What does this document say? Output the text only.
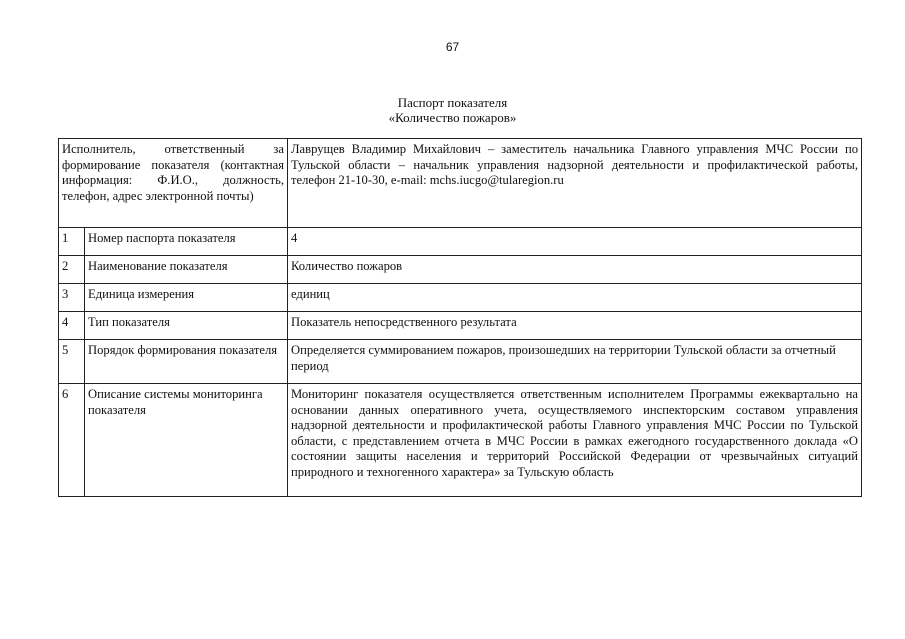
67
Паспорт показателя
«Количество пожаров»
Исполнитель, ответственный за формирование показателя (контактная информация: Ф.И.О., должность, телефон, адрес электронной почты)		Лаврущев Владимир Михайлович – заместитель начальника Главного управления МЧС России по Тульской области – начальник управления надзорной деятельности и профилактической работы, телефон 21-10-30, e-mail: mchs.iucgo@tularegion.ru
1	Номер паспорта показателя	4
2	Наименование показателя	Количество пожаров
3	Единица измерения	единиц
4	Тип показателя	Показатель непосредственного результата
5	Порядок формирования показателя	Определяется суммированием пожаров, произошедших на территории Тульской области за отчетный период
6	Описание системы мониторинга показателя	Мониторинг показателя осуществляется ответственным исполнителем Программы ежеквартально на основании данных оперативного учета, осуществляемого инспекторским составом управления надзорной деятельности и профилактической работы Главного управления МЧС России по Тульской области, с представлением отчета в МЧС России в рамках ежегодного государственного доклада «О состоянии защиты населения и территорий Российской Федерации от чрезвычайных ситуаций природного и техногенного характера» за Тульскую область
